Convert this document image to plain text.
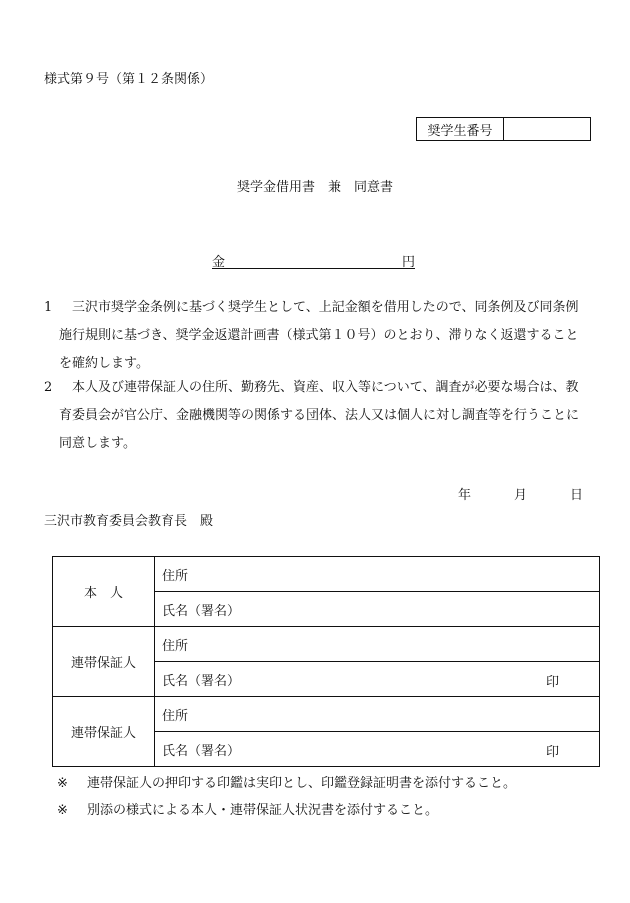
様式第９号（第１２条関係）
奨学生番号	
奨学金借用書　兼　同意書
金	円
1	三沢市奨学金条例に基づく奨学生として、上記金額を借用したので、同条例及び同条例施行規則に基づき、奨学金返還計画書（様式第１０号）のとおり、滞りなく返還することを確約します。
2	本人及び連帯保証人の住所、勤務先、資産、収入等について、調査が必要な場合は、教育委員会が官公庁、金融機関等の関係する団体、法人又は個人に対し調査等を行うことに同意します。
年	月	日
三沢市教育委員会教育長　殿
本　人	住所
	氏名（署名）

連帯保証人	住所
	氏名（署名） 印

連帯保証人	住所
	氏名（署名） 印
※ 連帯保証人の押印する印鑑は実印とし、印鑑登録証明書を添付すること。
※ 別添の様式による本人・連帯保証人状況書を添付すること。
